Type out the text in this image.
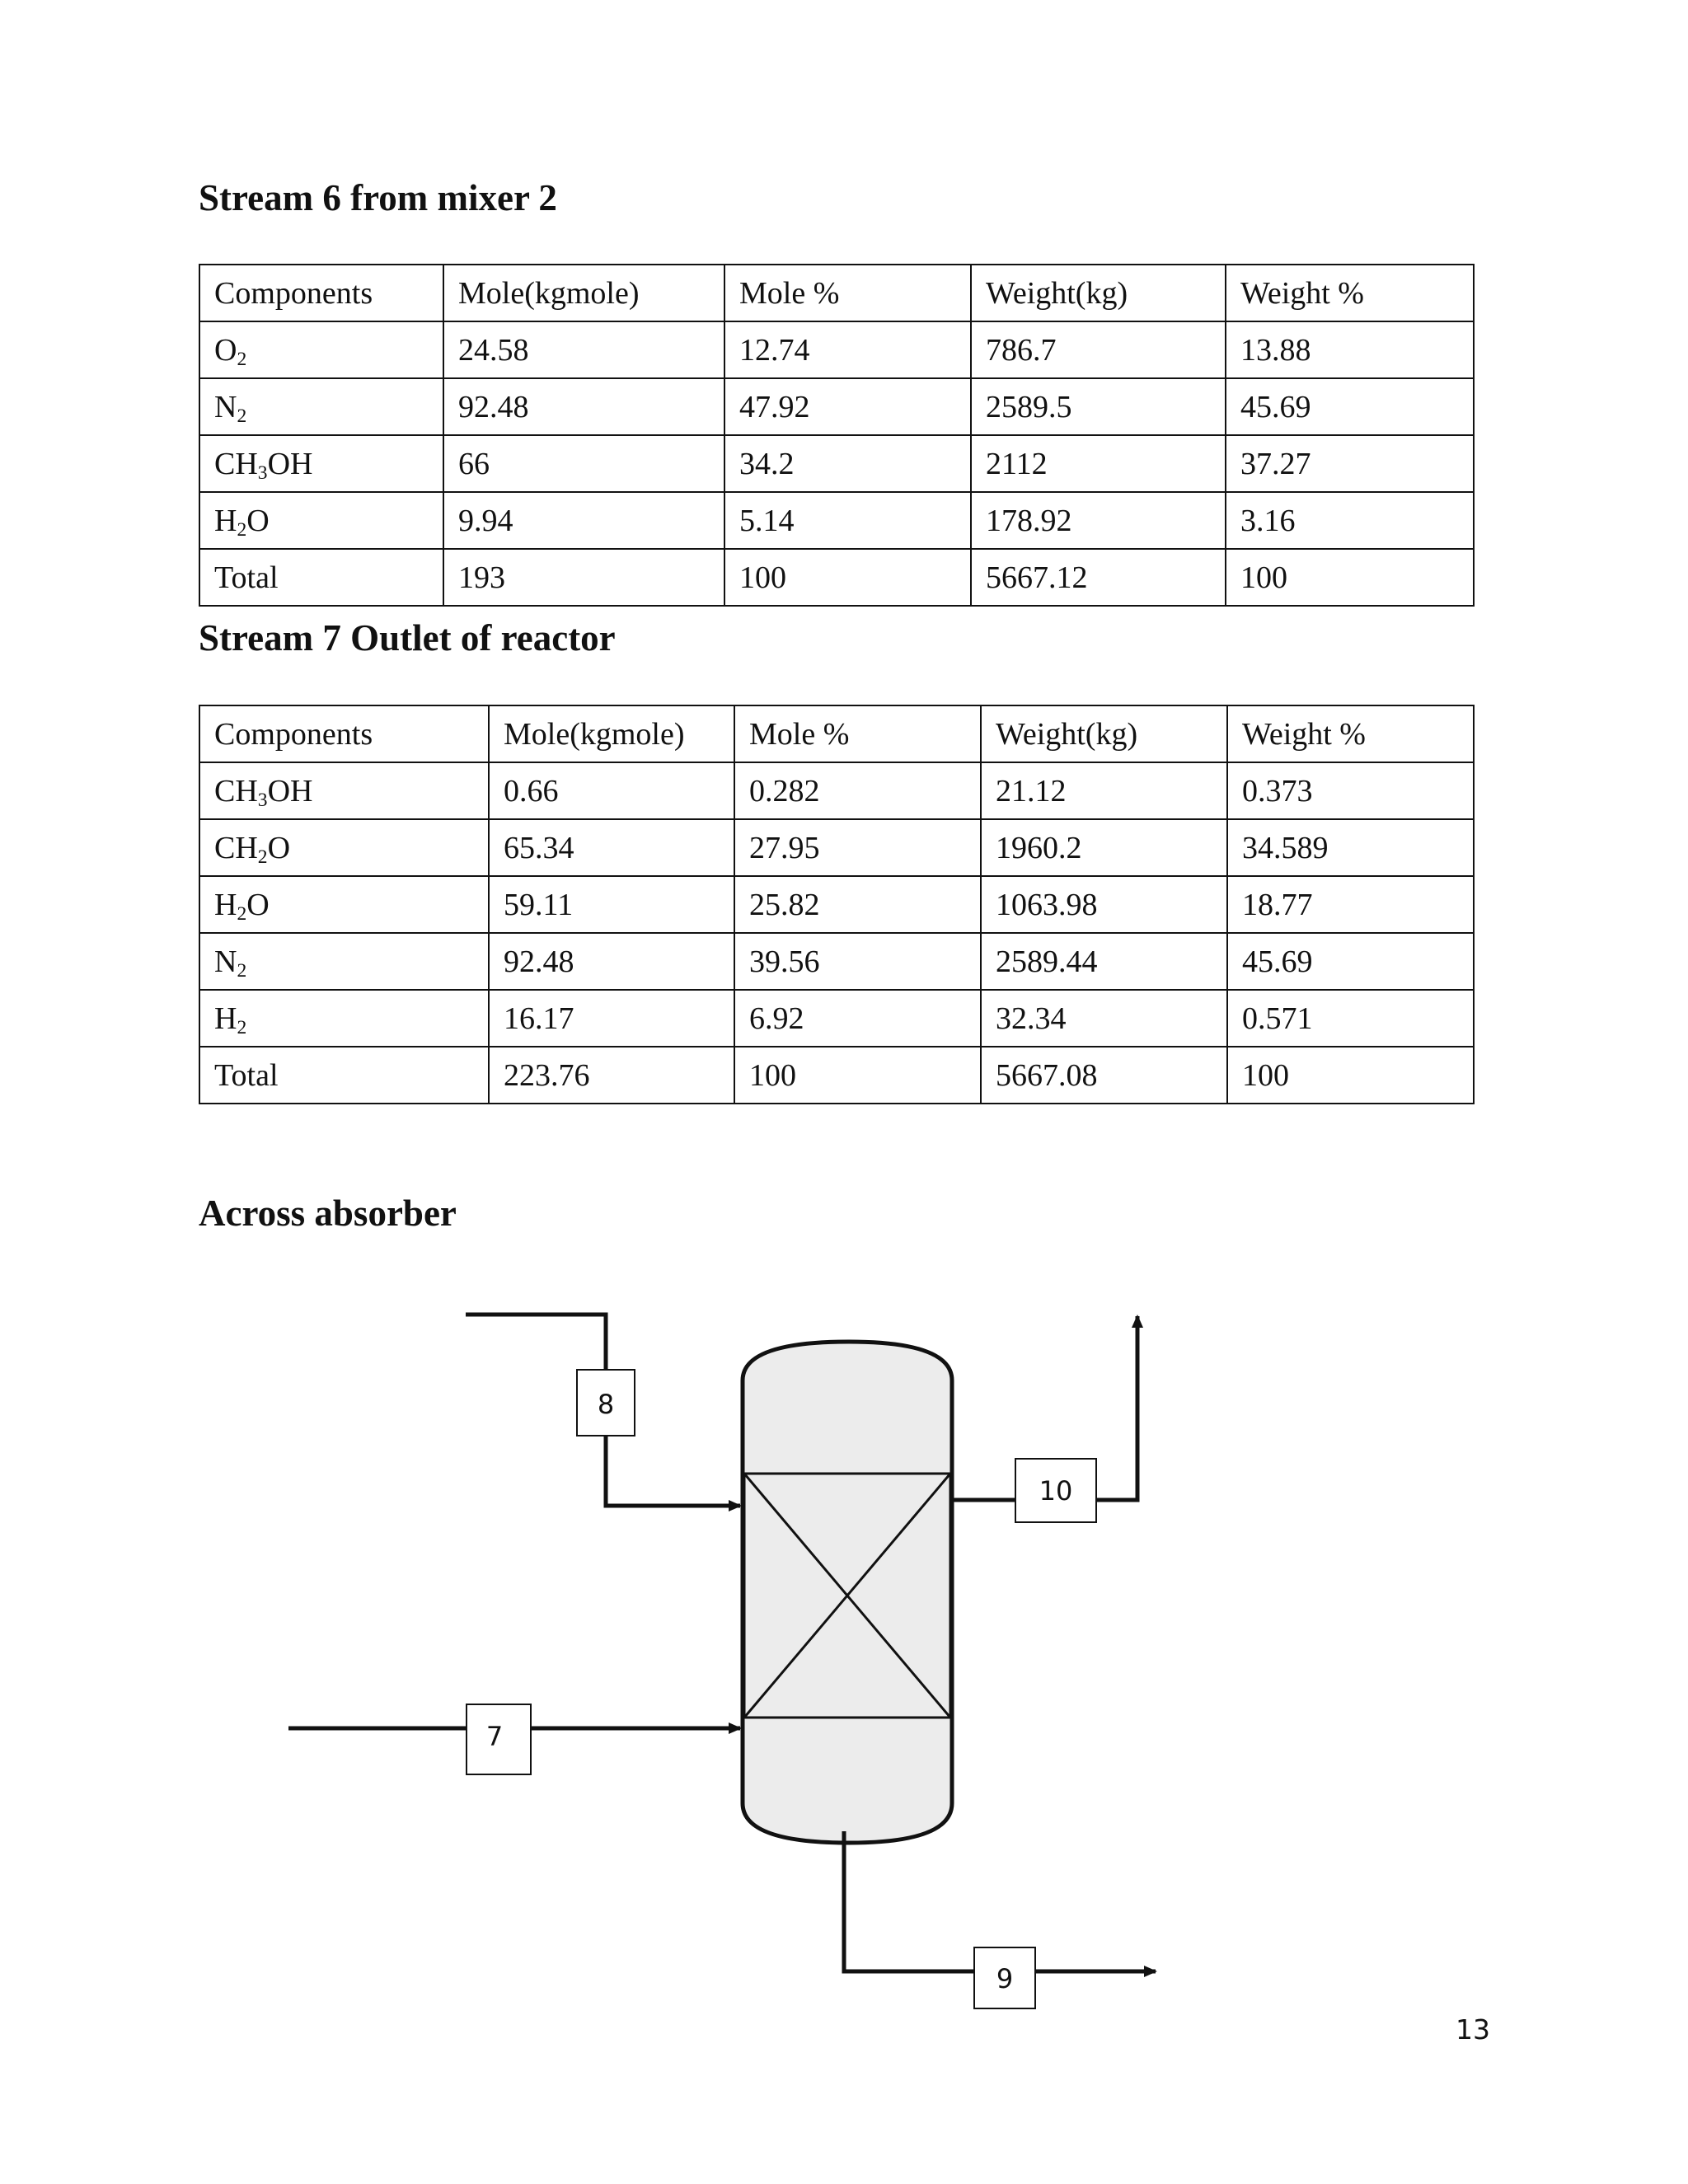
Stream 6 from mixer 2
Components	Mole(kgmole)	Mole %	Weight(kg)	Weight %
$O_2$	24.58	12.74	786.7	13.88
$N_2$	92.48	47.92	2589.5	45.69
$CH_3OH$	66	34.2	2112	37.27
$H_2O$	9.94	5.14	178.92	3.16
Total	193	100	5667.12	100
Stream 7 Outlet of reactor
Components	Mole(kgmole)	Mole %	Weight(kg)	Weight %
$CH_3OH$	0.66	0.282	21.12	0.373
$CH_2O$	65.34	27.95	1960.2	34.589
$H_2O$	59.11	25.82	1063.98	18.77
$N_2$	92.48	39.56	2589.44	45.69
$H_2$	16.17	6.92	32.34	0.571
Total	223.76	100	5667.08	100
Across absorber
8
7
10
9
13
